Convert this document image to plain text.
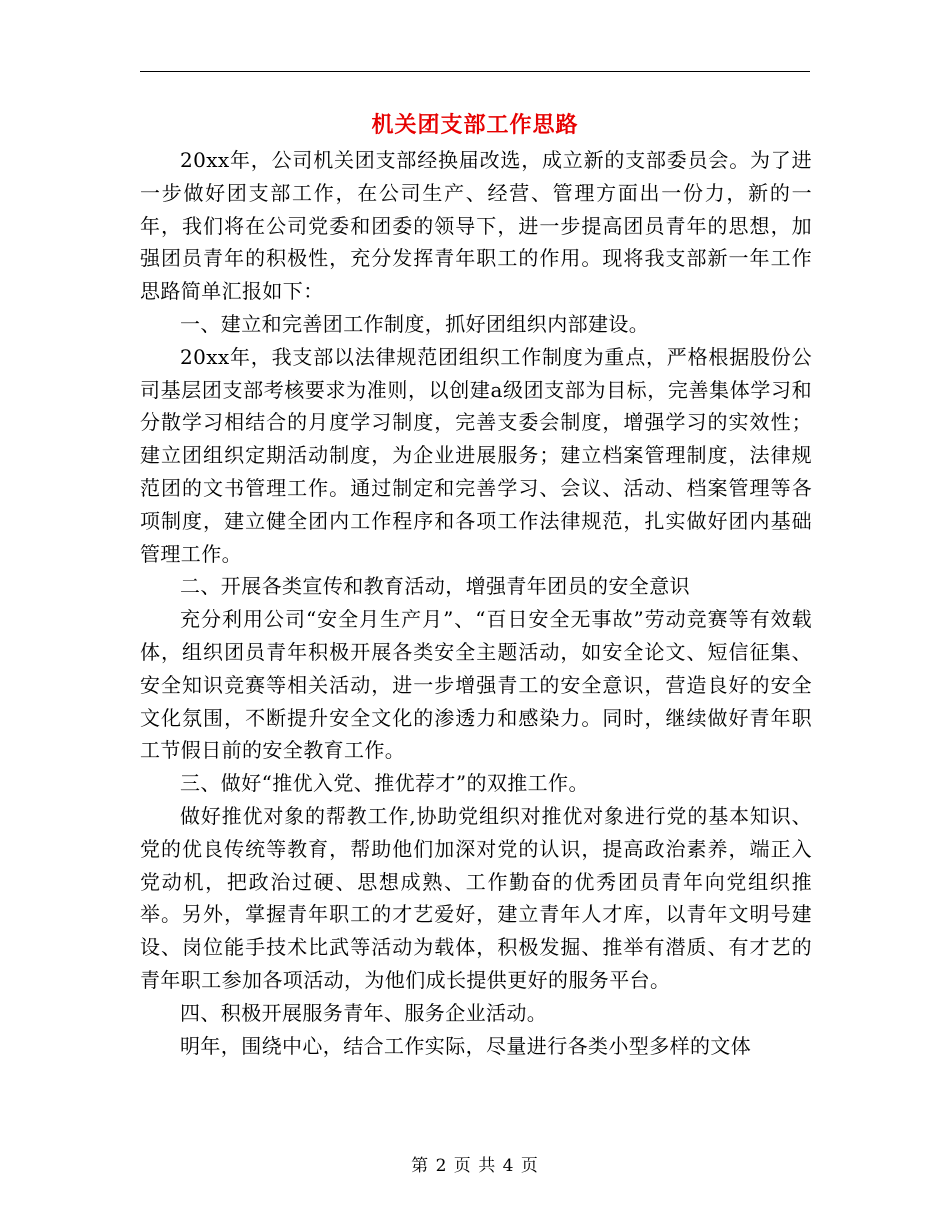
机关团支部工作思路

20xx年，公司机关团支部经换届改选，成立新的支部委员会。为了进一步做好团支部工作，在公司生产、经营、管理方面出一份力，新的一年，我们将在公司党委和团委的领导下，进一步提高团员青年的思想，加强团员青年的积极性，充分发挥青年职工的作用。现将我支部新一年工作思路简单汇报如下：

一、建立和完善团工作制度，抓好团组织内部建设。

20xx年，我支部以法律规范团组织工作制度为重点，严格根据股份公司基层团支部考核要求为准则，以创建a级团支部为目标，完善集体学习和分散学习相结合的月度学习制度，完善支委会制度，增强学习的实效性；建立团组织定期活动制度，为企业进展服务；建立档案管理制度，法律规范团的文书管理工作。通过制定和完善学习、会议、活动、档案管理等各项制度，建立健全团内工作程序和各项工作法律规范，扎实做好团内基础管理工作。

二、开展各类宣传和教育活动，增强青年团员的安全意识

充分利用公司“安全月生产月”、“百日安全无事故”劳动竞赛等有效载体，组织团员青年积极开展各类安全主题活动，如安全论文、短信征集、安全知识竞赛等相关活动，进一步增强青工的安全意识，营造良好的安全文化氛围，不断提升安全文化的渗透力和感染力。同时，继续做好青年职工节假日前的安全教育工作。

三、做好“推优入党、推优荐才”的双推工作。

做好推优对象的帮教工作,协助党组织对推优对象进行党的基本知识、党的优良传统等教育，帮助他们加深对党的认识，提高政治素养，端正入党动机，把政治过硬、思想成熟、工作勤奋的优秀团员青年向党组织推举。另外，掌握青年职工的才艺爱好，建立青年人才库，以青年文明号建设、岗位能手技术比武等活动为载体，积极发掘、推举有潜质、有才艺的青年职工参加各项活动，为他们成长提供更好的服务平台。

四、积极开展服务青年、服务企业活动。

明年，围绕中心，结合工作实际，尽量进行各类小型多样的文体

第 2 页 共 4 页
